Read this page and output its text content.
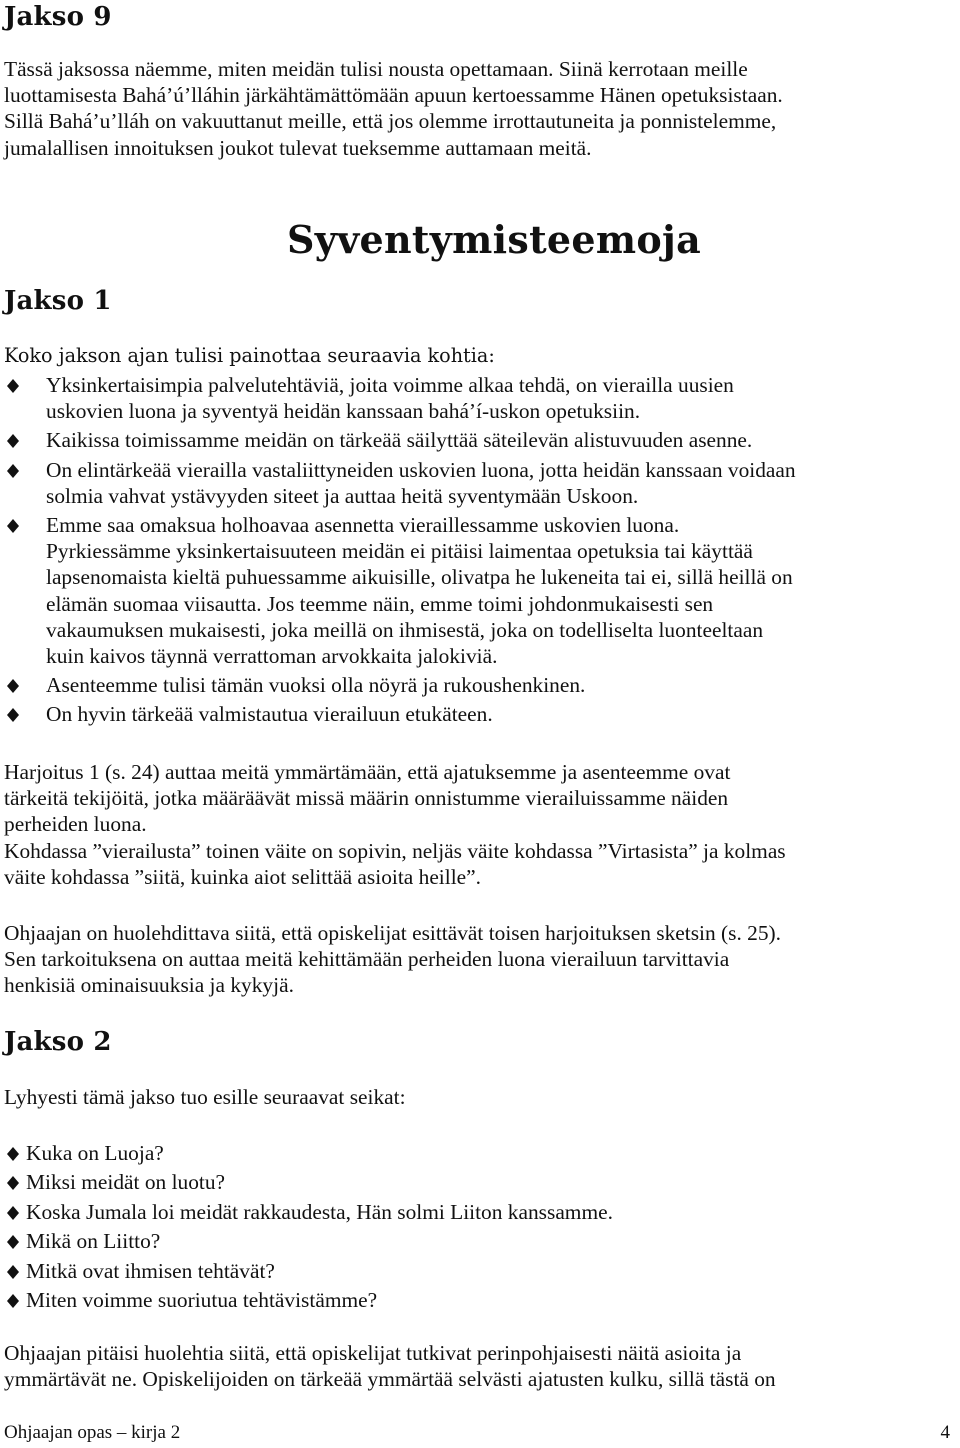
Jakso 9
Tässä jaksossa näemme, miten meidän tulisi nousta opettamaan. Siinä kerrotaan meille
luottamisesta Bahá’ú’lláhin järkähtämättömään apuun kertoessamme Hänen opetuksistaan.
Sillä Bahá’u’lláh on vakuuttanut meille, että jos olemme irrottautuneita ja ponnistelemme,
jumalallisen innoituksen joukot tulevat tueksemme auttamaan meitä.
Syventymisteemoja
Jakso 1
Koko jakson ajan tulisi painottaa seuraavia kohtia:
Yksinkertaisimpia palvelutehtäviä, joita voimme alkaa tehdä, on vierailla uusien
uskovien luona ja syventyä heidän kanssaan bahá’í-uskon opetuksiin.
Kaikissa toimissamme meidän on tärkeää säilyttää säteilevän alistuvuuden asenne.
On elintärkeää vierailla vastaliittyneiden uskovien luona, jotta heidän kanssaan voidaan
solmia vahvat ystävyyden siteet ja auttaa heitä syventymään Uskoon.
Emme saa omaksua holhoavaa asennetta vieraillessamme uskovien luona.
Pyrkiessämme yksinkertaisuuteen meidän ei pitäisi laimentaa opetuksia tai käyttää
lapsenomaista kieltä puhuessamme aikuisille, olivatpa he lukeneita tai ei, sillä heillä on
elämän suomaa viisautta. Jos teemme näin, emme toimi johdonmukaisesti sen
vakaumuksen mukaisesti, joka meillä on ihmisestä, joka on todelliselta luonteeltaan
kuin kaivos täynnä verrattoman arvokkaita jalokiviä.
Asenteemme tulisi tämän vuoksi olla nöyrä ja rukoushenkinen.
On hyvin tärkeää valmistautua vierailuun etukäteen.
Harjoitus 1 (s. 24) auttaa meitä ymmärtämään, että ajatuksemme ja asenteemme ovat
tärkeitä tekijöitä, jotka määräävät missä määrin onnistumme vierailuissamme näiden
perheiden luona.
Kohdassa ”vierailusta” toinen väite on sopivin, neljäs väite kohdassa ”Virtasista” ja kolmas
väite kohdassa ”siitä, kuinka aiot selittää asioita heille”.
Ohjaajan on huolehdittava siitä, että opiskelijat esittävät toisen harjoituksen sketsin (s. 25).
Sen tarkoituksena on auttaa meitä kehittämään perheiden luona vierailuun tarvittavia
henkisiä ominaisuuksia ja kykyjä.
Jakso 2
Lyhyesti tämä jakso tuo esille seuraavat seikat:
Kuka on Luoja?
Miksi meidät on luotu?
Koska Jumala loi meidät rakkaudesta, Hän solmi Liiton kanssamme.
Mikä on Liitto?
Mitkä ovat ihmisen tehtävät?
Miten voimme suoriutua tehtävistämme?
Ohjaajan pitäisi huolehtia siitä, että opiskelijat tutkivat perinpohjaisesti näitä asioita ja
ymmärtävät ne. Opiskelijoiden on tärkeää ymmärtää selvästi ajatusten kulku, sillä tästä on
Ohjaajan opas – kirja 2	4
